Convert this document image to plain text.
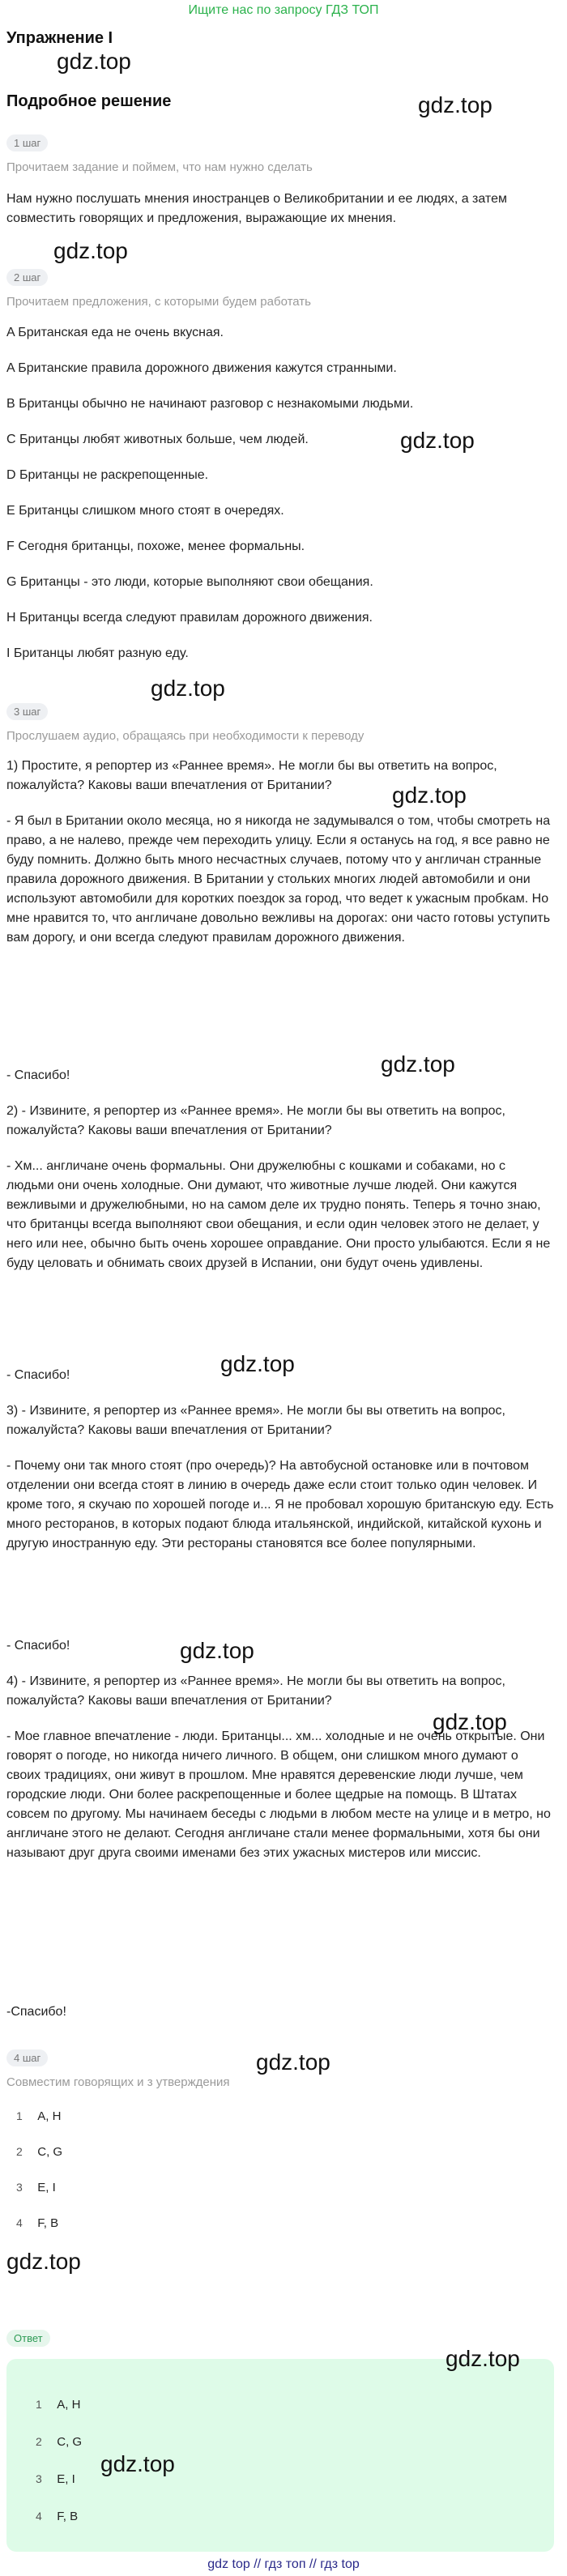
Ищите нас по запросу ГДЗ ТОП
Упражнение I
gdz.top
Подробное решение	gdz.top
1 шаг
Прочитаем задание и поймем, что нам нужно сделать
Нам нужно послушать мнения иностранцев о Великобритании и ее людях, а затем совместить говорящих и предложения, выражающие их мнения.
gdz.top
2 шаг
Прочитаем предложения, с которыми будем работать
A Британская еда не очень вкусная.
A Британские правила дорожного движения кажутся странными.
B Британцы обычно не начинают разговор с незнакомыми людьми.
C Британцы любят животных больше, чем людей.	gdz.top
D Британцы не раскрепощенные.
E Британцы слишком много стоят в очередях.
F Сегодня британцы, похоже, менее формальны.
G Британцы - это люди, которые выполняют свои обещания.
H Британцы всегда следуют правилам дорожного движения.
I Британцы любят разную еду.
gdz.top
3 шаг
Прослушаем аудио, обращаясь при необходимости к переводу
1) Простите, я репортер из «Раннее время». Не могли бы вы ответить на вопрос, пожалуйста? Каковы ваши впечатления от Британии?	gdz.top
- Я был в Британии около месяца, но я никогда не задумывался о том, чтобы смотреть на право, а не налево, прежде чем переходить улицу. Если я останусь на год, я все равно не буду помнить. Должно быть много несчастных случаев, потому что у англичан странные правила дорожного движения. В Британии у стольких многих людей автомобили и они используют автомобили для коротких поездок за город, что ведет к ужасным пробкам. Но мне нравится то, что англичане довольно вежливы на дорогах: они часто готовы уступить вам дорогу, и они всегда следуют правилам дорожного движения.
- Спасибо!	gdz.top
2) - Извините, я репортер из «Раннее время». Не могли бы вы ответить на вопрос, пожалуйста? Каковы ваши впечатления от Британии?
- Хм... англичане очень формальны. Они дружелюбны с кошками и собаками, но с людьми они очень холодные. Они думают, что животные лучше людей. Они кажутся вежливыми и дружелюбными, но на самом деле их трудно понять. Теперь я точно знаю, что британцы всегда выполняют свои обещания, и если один человек этого не делает, у него или нее, обычно быть очень хорошее оправдание. Они просто улыбаются. Если я не буду целовать и обнимать своих друзей в Испании, они будут очень удивлены.
gdz.top
- Спасибо!
3) - Извините, я репортер из «Раннее время». Не могли бы вы ответить на вопрос, пожалуйста? Каковы ваши впечатления от Британии?
- Почему они так много стоят (про очередь)? На автобусной остановке или в почтовом отделении они всегда стоят в линию в очередь даже если стоит только один человек. И кроме того, я скучаю по хорошей погоде и... Я не пробовал хорошую британскую еду. Есть много ресторанов, в которых подают блюда итальянской, индийской, китайской кухонь и другую иностранную еду. Эти рестораны становятся все более популярными.
gdz.top
- Спасибо!
4) - Извините, я репортер из «Раннее время». Не могли бы вы ответить на вопрос, пожалуйста? Каковы ваши впечатления от Британии?
gdz.top
- Мое главное впечатление - люди. Британцы... хм... холодные и не очень открытые. Они говорят о погоде, но никогда ничего личного. В общем, они слишком много думают о своих традициях, они живут в прошлом. Мне нравятся деревенские люди лучше, чем городские люди. Они более раскрепощенные и более щедрые на помощь. В Штатах совсем по другому. Мы начинаем беседы с людьми в любом месте на улице и в метро, но англичане этого не делают. Сегодня англичане стали менее формальными, хотя бы они называют друг друга своими именами без этих ужасных мистеров или миссис.
-Спасибо!
4 шаг	gdz.top
Совместим говорящих и з утверждения
1 A, H
2 C, G
3 E, I
4 F, B
gdz.top
Ответ
gdz.top
1 A, H
2 C, G
gdz.top
3 E, I
4 F, B
gdz top // гдз топ // гдз top
